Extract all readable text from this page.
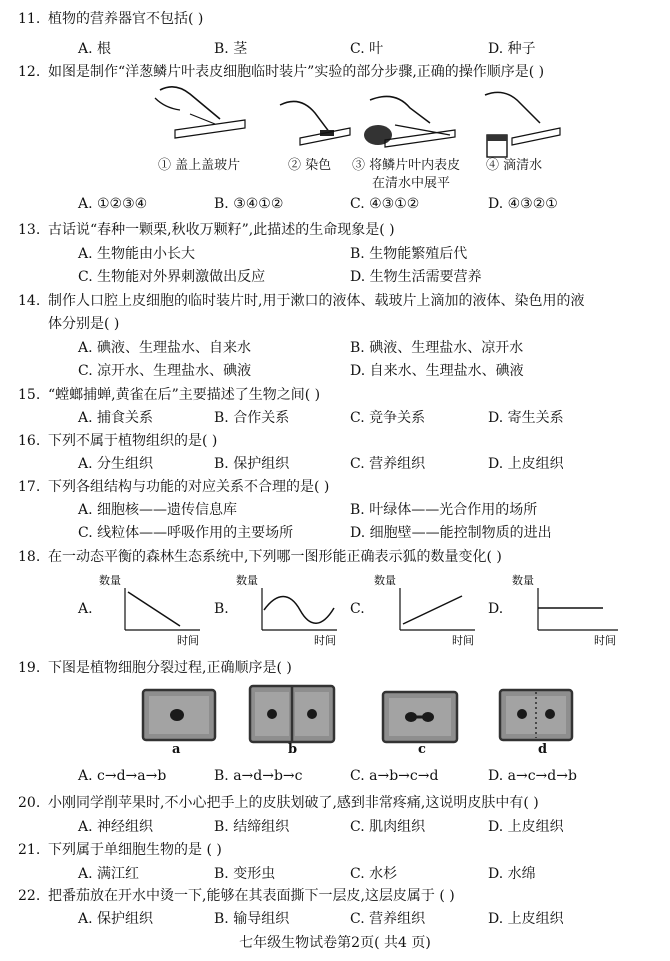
11. 植物的营养器官不包括( )
A. 根	B. 茎	C. 叶	D. 种子
12. 如图是制作“洋葱鳞片叶表皮细胞临时装片”实验的部分步骤,正确的操作顺序是( )
① 盖上盖玻片	② 染色 ③ 将鳞片叶内表皮
在清水中展平
④ 滴清水
A. ①②③④	B. ③④①②	C. ④③①②	D. ④③②①
13. 古话说“春种一颗栗,秋收万颗籽”,此描述的生命现象是( )
A. 生物能由小长大	B. 生物能繁殖后代
C. 生物能对外界刺激做出反应	D. 生物生活需要营养
14. 制作人口腔上皮细胞的临时装片时,用于漱口的液体、载玻片上滴加的液体、染色用的液
体分别是( )
A. 碘液、生理盐水、自来水	B. 碘液、生理盐水、凉开水
C. 凉开水、生理盐水、碘液	D. 自来水、生理盐水、碘液
15. “螳螂捕蝉,黄雀在后”主要描述了生物之间( )
A. 捕食关系	B. 合作关系	C. 竞争关系	D. 寄生关系
16. 下列不属于植物组织的是( )
A. 分生组织	B. 保护组织	C. 营养组织	D. 上皮组织
17. 下列各组结构与功能的对应关系不合理的是( )
A. 细胞核——遗传信息库	B. 叶绿体——光合作用的场所
C. 线粒体——呼吸作用的主要场所	D. 细胞壁——能控制物质的进出
18. 在一动态平衡的森林生态系统中,下列哪一图形能正确表示狐的数量变化( )
A.	B.	C.	D.
数量
时间
数量
时间
数量
时间
数量
时间
19. 下图是植物细胞分裂过程,正确顺序是( )
a	b	c	d
A. c→d→a→b	B. a→d→b→c	C. a→b→c→d	D. a→c→d→b
20. 小刚同学削苹果时,不小心把手上的皮肤划破了,感到非常疼痛,这说明皮肤中有( )
A. 神经组织	B. 结缔组织	C. 肌肉组织	D. 上皮组织
21. 下列属于单细胞生物的是 ( )
A. 满江红	B. 变形虫	C. 水杉	D. 水绵
22. 把番茄放在开水中烫一下,能够在其表面撕下一层皮,这层皮属于 ( )
A. 保护组织	B. 输导组织	C. 营养组织	D. 上皮组织
七年级生物试卷第2页( 共4 页)
